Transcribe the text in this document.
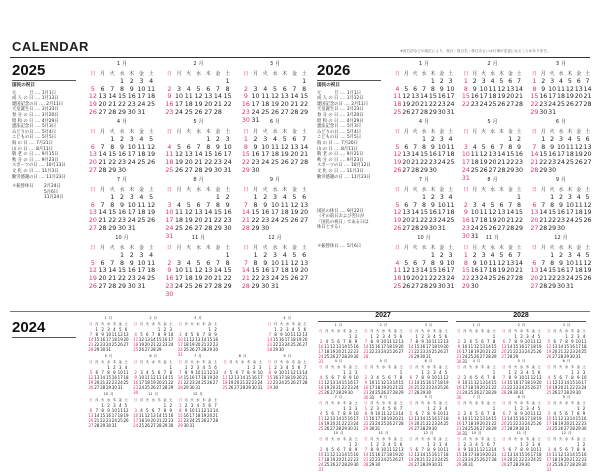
CALENDAR	※祝日法などの改正により、祝日・祝日名・休日あるいは行事が変更になることがあります。
2025
国民の祝日
元　　　旦 ‥‥ 1月1日
成 人 の 日 ‥‥ 1月13日
建国記念の日 ‥‥ 2月11日
天皇誕生日 ‥‥ 2月23日
春 分 の 日 ‥‥ 3月20日
昭 和 の 日 ‥‥ 4月29日
憲法記念日 ‥‥ 5月3日
みどりの日 ‥‥ 5月4日
こどもの日 ‥‥ 5月5日
海 の 日 ‥‥ 7月21日
山 の 日 ‥‥ 8月11日
敬 老 の 日 ‥‥ 9月15日
秋 分 の 日 ‥‥ 9月23日
スポーツの日 ‥‥ 10月13日
文 化 の 日 ‥‥ 11月3日
勤労感謝の日 ‥‥ 11月23日
＊振替休日 2月24日
5月6日
11月24日
1 月
日 月 火 水 木 金 土
1 2 3 4
5 6 7 8 9 10 11
12 13 14 15 16 17 18
19 20 21 22 23 24 25
26 27 28 29 30 31
2 月
日 月 火 水 木 金 土
1
2 3 4 5 6 7 8
9 10 11 12 13 14 15
16 17 18 19 20 21 22
23 24 25 26 27 28
3 月
日 月 火 水 木 金 土
1
2 3 4 5 6 7 8
9 10 11 12 13 14 15
16 17 18 19 20 21 22
23 24 25 26 27 28 29
30 31
4 月
日 月 火 水 木 金 土
1 2 3 4 5
6 7 8 9 10 11 12
13 14 15 16 17 18 19
20 21 22 23 24 25 26
27 28 29 30
5 月
日 月 火 水 木 金 土
1 2 3
4 5 6 7 8 9 10
11 12 13 14 15 16 17
18 19 20 21 22 23 24
25 26 27 28 29 30 31
6 月
日 月 火 水 木 金 土
1 2 3 4 5 6 7
8 9 10 11 12 13 14
15 16 17 18 19 20 21
22 23 24 25 26 27 28
29 30
7 月
日 月 火 水 木 金 土
1 2 3 4 5
6 7 8 9 10 11 12
13 14 15 16 17 18 19
20 21 22 23 24 25 26
27 28 29 30 31
8 月
日 月 火 水 木 金 土
1 2
3 4 5 6 7 8 9
10 11 12 13 14 15 16
17 18 19 20 21 22 23
24 25 26 27 28 29 30
31
9 月
日 月 火 水 木 金 土
1 2 3 4 5 6
7 8 9 10 11 12 13
14 15 16 17 18 19 20
21 22 23 24 25 26 27
28 29 30
10 月
日 月 火 水 木 金 土
1 2 3 4
5 6 7 8 9 10 11
12 13 14 15 16 17 18
19 20 21 22 23 24 25
26 27 28 29 30 31
11 月
日 月 火 水 木 金 土
1
2 3 4 5 6 7 8
9 10 11 12 13 14 15
16 17 18 19 20 21 22
23 24 25 26 27 28 29
30
12 月
日 月 火 水 木 金 土
1 2 3 4 5 6
7 8 9 10 11 12 13
14 15 16 17 18 19 20
21 22 23 24 25 26 27
28 29 30 31
2026
国民の祝日
元　　　旦 ‥‥ 1月1日
成 人 の 日 ‥‥ 1月12日
建国記念の日 ‥‥ 2月11日
天皇誕生日 ‥‥ 2月23日
春 分 の 日 ‥‥ 3月20日
昭 和 の 日 ‥‥ 4月29日
憲法記念日 ‥‥ 5月3日
みどりの日 ‥‥ 5月4日
こどもの日 ‥‥ 5月5日
海 の 日 ‥‥ 7月20日
山 の 日 ‥‥ 8月11日
敬 老 の 日 ‥‥ 9月21日
秋 分 の 日 ‥‥ 9月23日
スポーツの日 ‥‥ 10月12日
文 化 の 日 ‥‥ 11月3日
勤労感謝の日 ‥‥ 11月23日
国民の休日 ‥‥ 9月22日
（その前日および翌日が
「国民の祝日」である日は
休日とする）
＊振替休日 ‥‥ 5月6日
1 月
日 月 火 水 木 金 土
1 2 3
4 5 6 7 8 9 10
11 12 13 14 15 16 17
18 19 20 21 22 23 24
25 26 27 28 29 30 31
2 月
日 月 火 水 木 金 土
1 2 3 4 5 6 7
8 9 10 11 12 13 14
15 16 17 18 19 20 21
22 23 24 25 26 27 28
3 月
日 月 火 水 木 金 土
1 2 3 4 5 6 7
8 9 10 11 12 13 14
15 16 17 18 19 20 21
22 23 24 25 26 27 28
29 30 31
4 月
日 月 火 水 木 金 土
1 2 3 4
5 6 7 8 9 10 11
12 13 14 15 16 17 18
19 20 21 22 23 24 25
26 27 28 29 30
5 月
日 月 火 水 木 金 土
1 2
3 4 5 6 7 8 9
10 11 12 13 14 15 16
17 18 19 20 21 22 23
24 25 26 27 28 29 30
31
6 月
日 月 火 水 木 金 土
1 2 3 4 5 6
7 8 9 10 11 12 13
14 15 16 17 18 19 20
21 22 23 24 25 26 27
28 29 30
7 月
日 月 火 水 木 金 土
1 2 3 4
5 6 7 8 9 10 11
12 13 14 15 16 17 18
19 20 21 22 23 24 25
26 27 28 29 30 31
8 月
日 月 火 水 木 金 土
1
2 3 4 5 6 7 8
9 10 11 12 13 14 15
16 17 18 19 20 21 22
23 24 25 26 27 28 29
30 31
9 月
日 月 火 水 木 金 土
1 2 3 4 5
6 7 8 9 10 11 12
13 14 15 16 17 18 19
20 21 22 23 24 25 26
27 28 29 30
10 月
日 月 火 水 木 金 土
1 2 3
4 5 6 7 8 9 10
11 12 13 14 15 16 17
18 19 20 21 22 23 24
25 26 27 28 29 30 31
11 月
日 月 火 水 木 金 土
1 2 3 4 5 6 7
8 9 10 11 12 13 14
15 16 17 18 19 20 21
22 23 24 25 26 27 28
29 30
12 月
日 月 火 水 木 金 土
1 2 3 4 5
6 7 8 9 10 11 12
13 14 15 16 17 18 19
20 21 22 23 24 25 26
27 28 29 30 31
2024
1 月
日 月 火 水 木 金 土
1 2 3 4 5 6
7 8 9 10 11 12 13
14 15 16 17 18 19 20
21 22 23 24 25 26 27
28 29 30 31
2 月
日 月 火 水 木 金 土
1 2 3
4 5 6 7 8 9 10
11 12 13 14 15 16 17
18 19 20 21 22 23 24
25 26 27 28 29
3 月
日 月 火 水 木 金 土
1 2
3 4 5 6 7 8 9
10 11 12 13 14 15 16
17 18 19 20 21 22 23
24 25 26 27 28 29 30
31
4 月
日 月 火 水 木 金 土
1 2 3 4 5 6
7 8 9 10 11 12 13
14 15 16 17 18 19 20
21 22 23 24 25 26 27
28 29 30
5 月
日 月 火 水 木 金 土
1 2 3 4
5 6 7 8 9 10 11
12 13 14 15 16 17 18
19 20 21 22 23 24 25
26 27 28 29 30 31
6 月
日 月 火 水 木 金 土
1
2 3 4 5 6 7 8
9 10 11 12 13 14 15
16 17 18 19 20 21 22
23 24 25 26 27 28 29
30
7 月
日 月 火 水 木 金 土
1 2 3 4 5 6
7 8 9 10 11 12 13
14 15 16 17 18 19 20
21 22 23 24 25 26 27
28 29 30 31
8 月
日 月 火 水 木 金 土
1 2 3
4 5 6 7 8 9 10
11 12 13 14 15 16 17
18 19 20 21 22 23 24
25 26 27 28 29 30 31
9 月
日 月 火 水 木 金 土
1 2 3 4 5 6 7
8 9 10 11 12 13 14
15 16 17 18 19 20 21
22 23 24 25 26 27 28
29 30
10 月
日 月 火 水 木 金 土
1 2 3 4 5
6 7 8 9 10 11 12
13 14 15 16 17 18 19
20 21 22 23 24 25 26
27 28 29 30 31
11 月
日 月 火 水 木 金 土
1 2
3 4 5 6 7 8 9
10 11 12 13 14 15 16
17 18 19 20 21 22 23
24 25 26 27 28 29 30
12 月
日 月 火 水 木 金 土
1 2 3 4 5 6 7
8 9 10 11 12 13 14
15 16 17 18 19 20 21
22 23 24 25 26 27 28
29 30 31
2027
1 月
日 月 火 水 木 金 土
1 2
3 4 5 6 7 8 9
10 11 12 13 14 15 16
17 18 19 20 21 22 23
24 25 26 27 28 29 30
31
2 月
日 月 火 水 木 金 土
1 2 3 4 5 6
7 8 9 10 11 12 13
14 15 16 17 18 19 20
21 22 23 24 25 26 27
28
3 月
日 月 火 水 木 金 土
1 2 3 4 5 6
7 8 9 10 11 12 13
14 15 16 17 18 19 20
21 22 23 24 25 26 27
28 29 30 31
4 月
日 月 火 水 木 金 土
1 2 3
4 5 6 7 8 9 10
11 12 13 14 15 16 17
18 19 20 21 22 23 24
25 26 27 28 29 30
5 月
日 月 火 水 木 金 土
1
2 3 4 5 6 7 8
9 10 11 12 13 14 15
16 17 18 19 20 21 22
23 24 25 26 27 28 29
30 31
6 月
日 月 火 水 木 金 土
1 2 3 4 5
6 7 8 9 10 11 12
13 14 15 16 17 18 19
20 21 22 23 24 25 26
27 28 29 30
7 月
日 月 火 水 木 金 土
1 2 3
4 5 6 7 8 9 10
11 12 13 14 15 16 17
18 19 20 21 22 23 24
25 26 27 28 29 30 31
8 月
日 月 火 水 木 金 土
1 2 3 4 5 6 7
8 9 10 11 12 13 14
15 16 17 18 19 20 21
22 23 24 25 26 27 28
29 30 31
9 月
日 月 火 水 木 金 土
1 2 3 4
5 6 7 8 9 10 11
12 13 14 15 16 17 18
19 20 21 22 23 24 25
26 27 28 29 30
10 月
日 月 火 水 木 金 土
1 2
3 4 5 6 7 8 9
10 11 12 13 14 15 16
17 18 19 20 21 22 23
24 25 26 27 28 29 30
31
11 月
日 月 火 水 木 金 土
1 2 3 4 5 6
7 8 9 10 11 12 13
14 15 16 17 18 19 20
21 22 23 24 25 26 27
28 29 30
12 月
日 月 火 水 木 金 土
1 2 3 4
5 6 7 8 9 10 11
12 13 14 15 16 17 18
19 20 21 22 23 24 25
26 27 28 29 30 31
2028
1 月
日 月 火 水 木 金 土
1
2 3 4 5 6 7 8
9 10 11 12 13 14 15
16 17 18 19 20 21 22
23 24 25 26 27 28 29
30 31
2 月
日 月 火 水 木 金 土
1 2 3 4 5
6 7 8 9 10 11 12
13 14 15 16 17 18 19
20 21 22 23 24 25 26
27 28 29
3 月
日 月 火 水 木 金 土
1 2 3 4
5 6 7 8 9 10 11
12 13 14 15 16 17 18
19 20 21 22 23 24 25
26 27 28 29 30 31
4 月
日 月 火 水 木 金 土
1
2 3 4 5 6 7 8
9 10 11 12 13 14 15
16 17 18 19 20 21 22
23 24 25 26 27 28 29
30
5 月
日 月 火 水 木 金 土
1 2 3 4 5 6
7 8 9 10 11 12 13
14 15 16 17 18 19 20
21 22 23 24 25 26 27
28 29 30 31
6 月
日 月 火 水 木 金 土
1 2 3
4 5 6 7 8 9 10
11 12 13 14 15 16 17
18 19 20 21 22 23 24
25 26 27 28 29 30
7 月
日 月 火 水 木 金 土
1
2 3 4 5 6 7 8
9 10 11 12 13 14 15
16 17 18 19 20 21 22
23 24 25 26 27 28 29
30 31
8 月
日 月 火 水 木 金 土
1 2 3 4 5
6 7 8 9 10 11 12
13 14 15 16 17 18 19
20 21 22 23 24 25 26
27 28 29 30 31
9 月
日 月 火 水 木 金 土
1 2
3 4 5 6 7 8 9
10 11 12 13 14 15 16
17 18 19 20 21 22 23
24 25 26 27 28 29 30
10 月
日 月 火 水 木 金 土
1 2 3 4 5 6 7
8 9 10 11 12 13 14
15 16 17 18 19 20 21
22 23 24 25 26 27 28
29 30 31
11 月
日 月 火 水 木 金 土
1 2 3 4
5 6 7 8 9 10 11
12 13 14 15 16 17 18
19 20 21 22 23 24 25
26 27 28 29 30
12 月
日 月 火 水 木 金 土
1 2
3 4 5 6 7 8 9
10 11 12 13 14 15 16
17 18 19 20 21 22 23
24 25 26 27 28 29 30
31
